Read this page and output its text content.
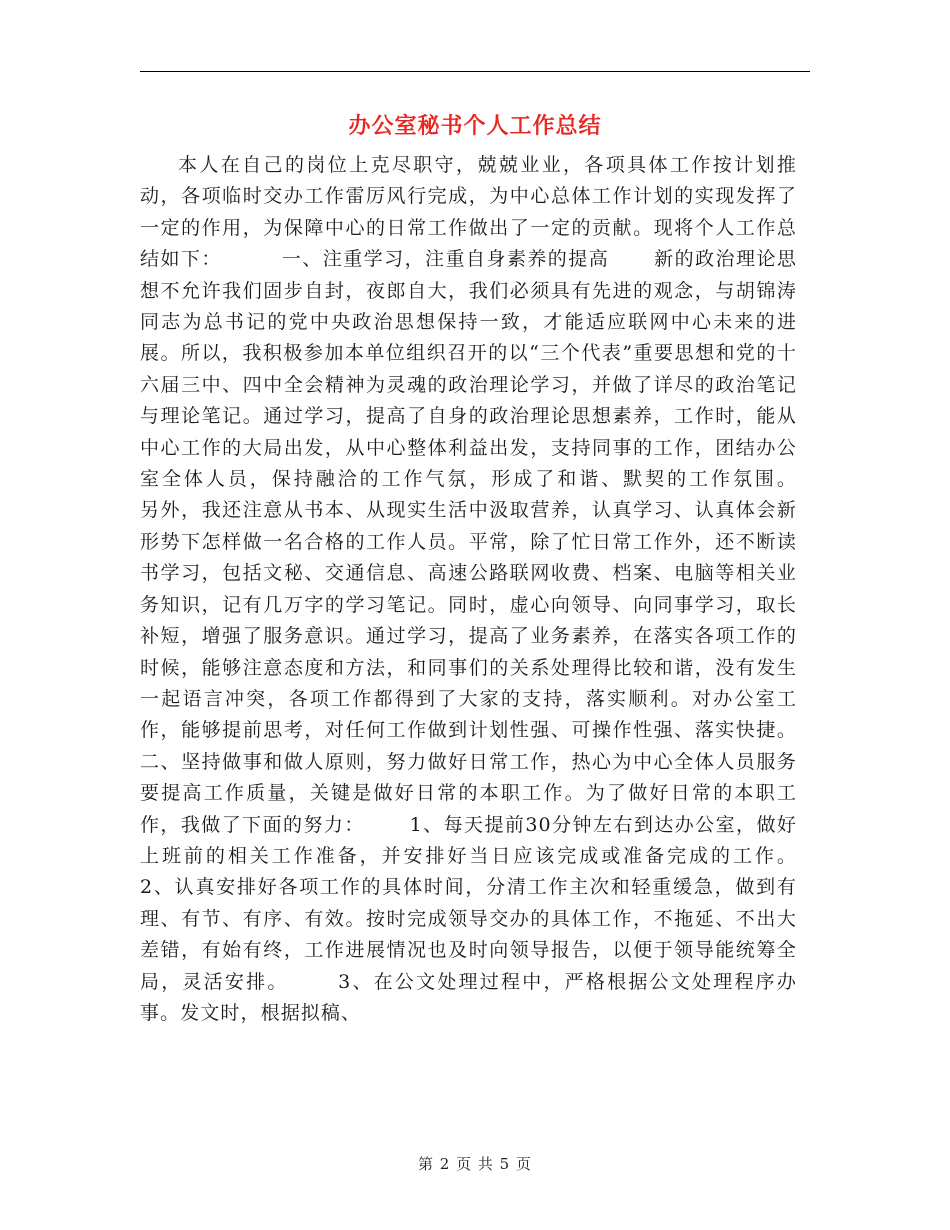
办公室秘书个人工作总结

本人在自己的岗位上克尽职守，兢兢业业，各项具体工作按计划推动，各项临时交办工作雷厉风行完成，为中心总体工作计划的实现发挥了一定的作用，为保障中心的日常工作做出了一定的贡献。现将个人工作总结如下：        一、注重学习，注重自身素养的提高      新的政治理论思想不允许我们固步自封，夜郎自大，我们必须具有先进的观念，与胡锦涛同志为总书记的党中央政治思想保持一致，才能适应联网中心未来的进展。所以，我积极参加本单位组织召开的以“三个代表”重要思想和党的十六届三中、四中全会精神为灵魂的政治理论学习，并做了详尽的政治笔记与理论笔记。通过学习，提高了自身的政治理论思想素养，工作时，能从中心工作的大局出发，从中心整体利益出发，支持同事的工作，团结办公室全体人员，保持融洽的工作气氛，形成了和谐、默契的工作氛围。      另外，我还注意从书本、从现实生活中汲取营养，认真学习、认真体会新形势下怎样做一名合格的工作人员。平常，除了忙日常工作外，还不断读书学习，包括文秘、交通信息、高速公路联网收费、档案、电脑等相关业务知识，记有几万字的学习笔记。同时，虚心向领导、向同事学习，取长补短，增强了服务意识。通过学习，提高了业务素养，在落实各项工作的时候，能够注意态度和方法，和同事们的关系处理得比较和谐，没有发生一起语言冲突，各项工作都得到了大家的支持，落实顺利。对办公室工作，能够提前思考，对任何工作做到计划性强、可操作性强、落实快捷。      二、坚持做事和做人原则，努力做好日常工作，热心为中心全体人员服务      要提高工作质量，关键是做好日常的本职工作。为了做好日常的本职工作，我做了下面的努力：      1、每天提前30分钟左右到达办公室，做好上班前的相关工作准备，并安排好当日应该完成或准备完成的工作。      2、认真安排好各项工作的具体时间，分清工作主次和轻重缓急，做到有理、有节、有序、有效。按时完成领导交办的具体工作，不拖延、不出大差错，有始有终，工作进展情况也及时向领导报告，以便于领导能统筹全局，灵活安排。      3、在公文处理过程中，严格根据公文处理程序办事。发文时，根据拟稿、

第 2 页 共 5 页
